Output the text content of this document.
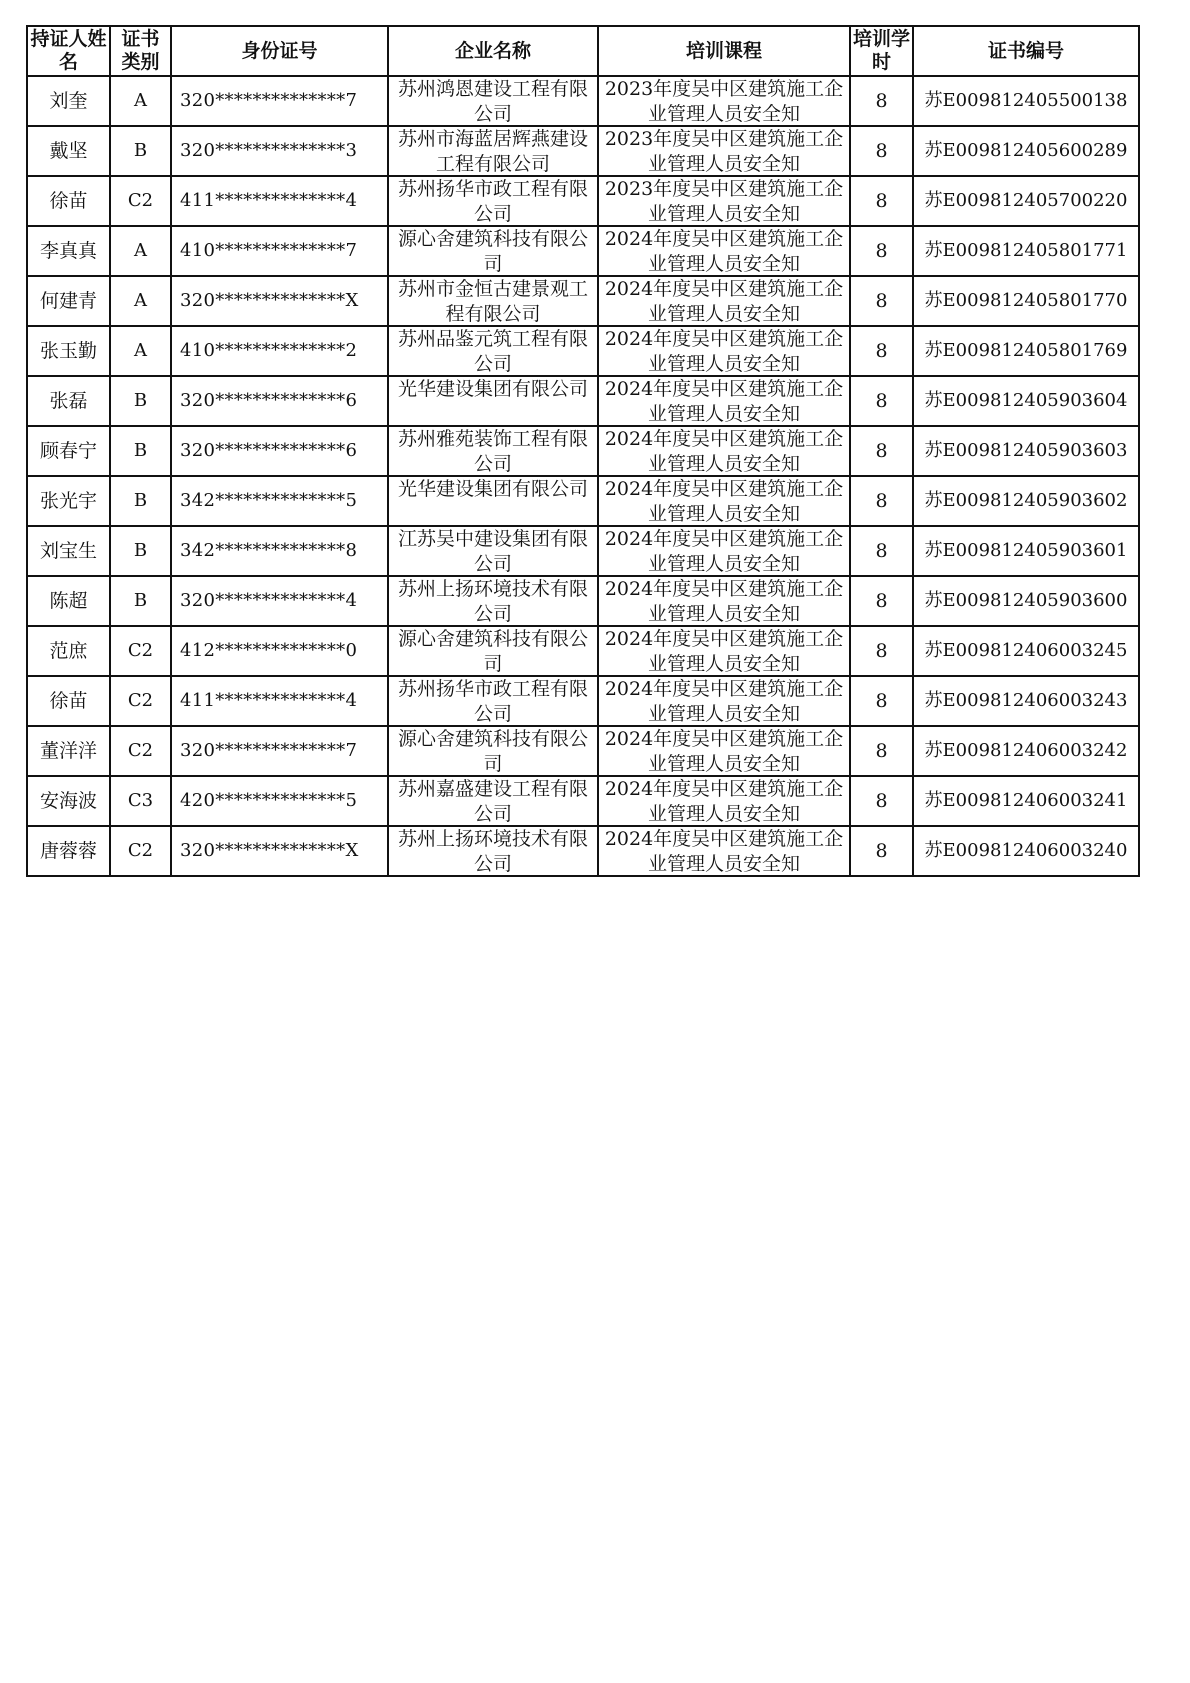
持证人姓名	证书类别	身份证号	企业名称	培训课程	培训学时	证书编号
刘奎	A	320**************7	苏州鸿恩建设工程有限公司	2023年度吴中区建筑施工企业管理人员安全知	8	苏E009812405500138
戴坚	B	320**************3	苏州市海蓝居辉燕建设工程有限公司	2023年度吴中区建筑施工企业管理人员安全知	8	苏E009812405600289
徐苗	C2	411**************4	苏州扬华市政工程有限公司	2023年度吴中区建筑施工企业管理人员安全知	8	苏E009812405700220
李真真	A	410**************7	源心舍建筑科技有限公司	2024年度吴中区建筑施工企业管理人员安全知	8	苏E009812405801771
何建青	A	320**************X	苏州市金恒古建景观工程有限公司	2024年度吴中区建筑施工企业管理人员安全知	8	苏E009812405801770
张玉勤	A	410**************2	苏州品鉴元筑工程有限公司	2024年度吴中区建筑施工企业管理人员安全知	8	苏E009812405801769
张磊	B	320**************6	光华建设集团有限公司	2024年度吴中区建筑施工企业管理人员安全知	8	苏E009812405903604
顾春宁	B	320**************6	苏州雅苑装饰工程有限公司	2024年度吴中区建筑施工企业管理人员安全知	8	苏E009812405903603
张光宇	B	342**************5	光华建设集团有限公司	2024年度吴中区建筑施工企业管理人员安全知	8	苏E009812405903602
刘宝生	B	342**************8	江苏吴中建设集团有限公司	2024年度吴中区建筑施工企业管理人员安全知	8	苏E009812405903601
陈超	B	320**************4	苏州上扬环境技术有限公司	2024年度吴中区建筑施工企业管理人员安全知	8	苏E009812405903600
范庶	C2	412**************0	源心舍建筑科技有限公司	2024年度吴中区建筑施工企业管理人员安全知	8	苏E009812406003245
徐苗	C2	411**************4	苏州扬华市政工程有限公司	2024年度吴中区建筑施工企业管理人员安全知	8	苏E009812406003243
董洋洋	C2	320**************7	源心舍建筑科技有限公司	2024年度吴中区建筑施工企业管理人员安全知	8	苏E009812406003242
安海波	C3	420**************5	苏州嘉盛建设工程有限公司	2024年度吴中区建筑施工企业管理人员安全知	8	苏E009812406003241
唐蓉蓉	C2	320**************X	苏州上扬环境技术有限公司	2024年度吴中区建筑施工企业管理人员安全知	8	苏E009812406003240
